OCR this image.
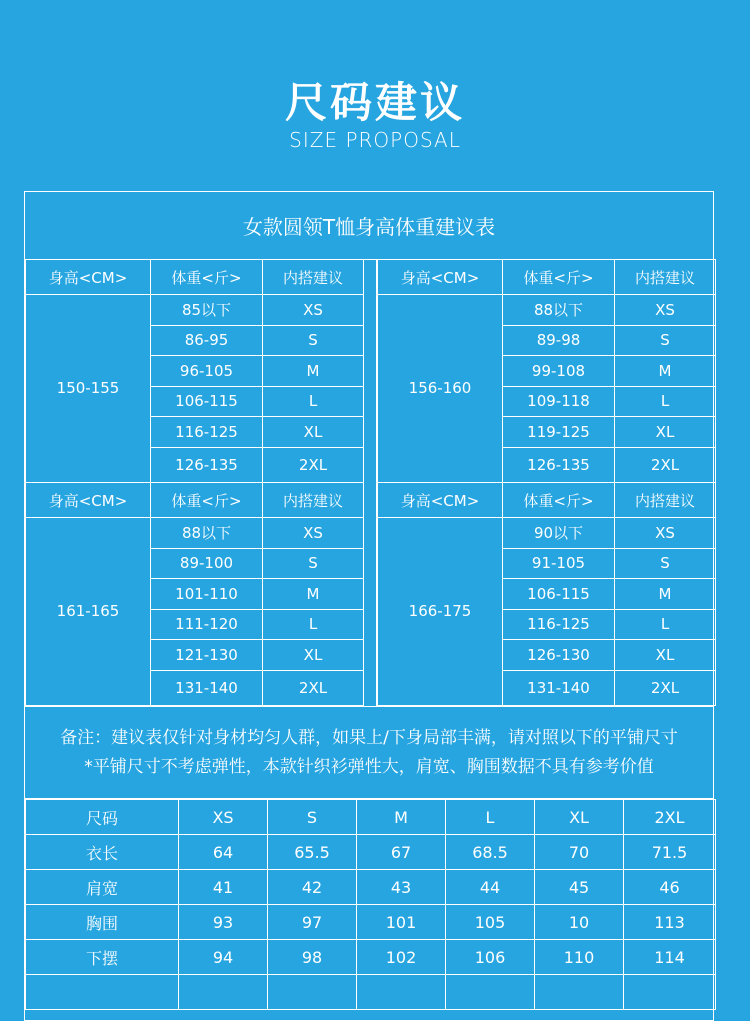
尺码建议
SIZE PROPOSAL
女款圆领T恤身高体重建议表
身高<CM>	体重<斤>	内搭建议
150-155	85以下	XS
	86-95	S
	96-105	M
	106-115	L
	116-125	XL
	126-135	2XL
身高<CM>	体重<斤>	内搭建议
156-160	88以下	XS
	89-98	S
	99-108	M
	109-118	L
	119-125	XL
	126-135	2XL
身高<CM>	体重<斤>	内搭建议
161-165	88以下	XS
	89-100	S
	101-110	M
	111-120	L
	121-130	XL
	131-140	2XL
身高<CM>	体重<斤>	内搭建议
166-175	90以下	XS
	91-105	S
	106-115	M
	116-125	L
	126-130	XL
	131-140	2XL
备注：建议表仅针对身材均匀人群，如果上/下身局部丰满，请对照以下的平铺尺寸
*平铺尺寸不考虑弹性，本款针织衫弹性大，肩宽、胸围数据不具有参考价值
尺码	XS	S	M	L	XL	2XL
衣长	64	65.5	67	68.5	70	71.5
肩宽	41	42	43	44	45	46
胸围	93	97	101	105	10	113
下摆	94	98	102	106	110	114
